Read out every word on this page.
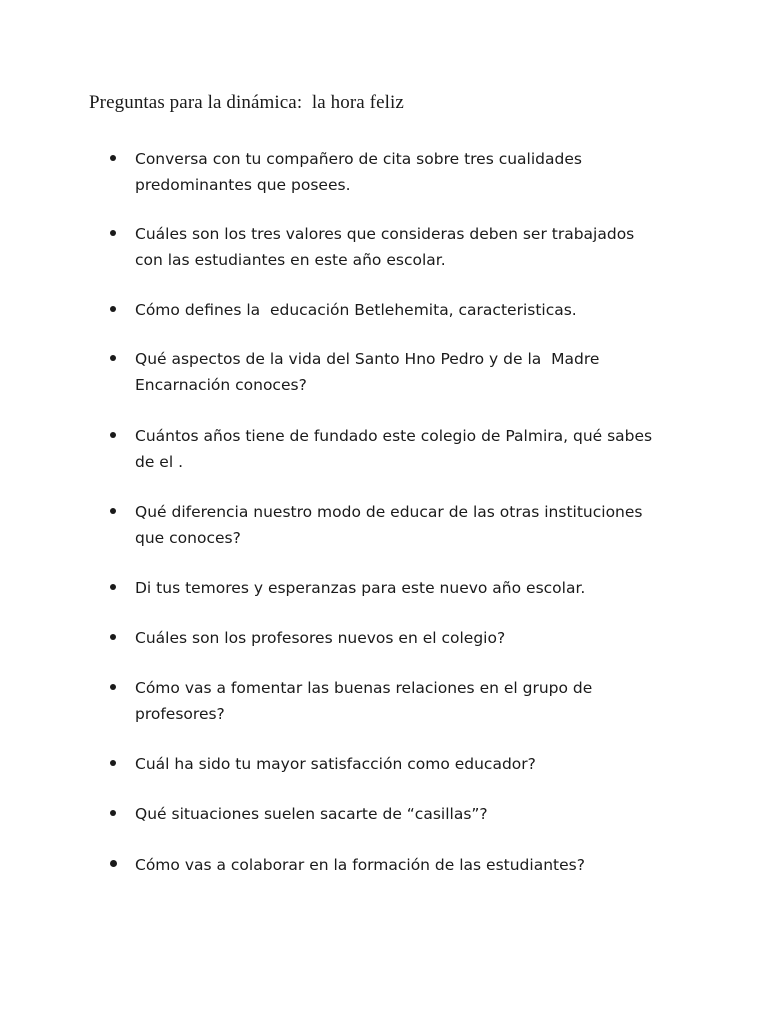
Preguntas para la dinámica:  la hora feliz
Conversa con tu compañero de cita sobre tres cualidades
predominantes que posees.
Cuáles son los tres valores que consideras deben ser trabajados
con las estudiantes en este año escolar.
Cómo defines la  educación Betlehemita, caracteristicas.
Qué aspectos de la vida del Santo Hno Pedro y de la  Madre
Encarnación conoces?
Cuántos años tiene de fundado este colegio de Palmira, qué sabes
de el .
Qué diferencia nuestro modo de educar de las otras instituciones
que conoces?
Di tus temores y esperanzas para este nuevo año escolar.
Cuáles son los profesores nuevos en el colegio?
Cómo vas a fomentar las buenas relaciones en el grupo de
profesores?
Cuál ha sido tu mayor satisfacción como educador?
Qué situaciones suelen sacarte de “casillas”?
Cómo vas a colaborar en la formación de las estudiantes?
